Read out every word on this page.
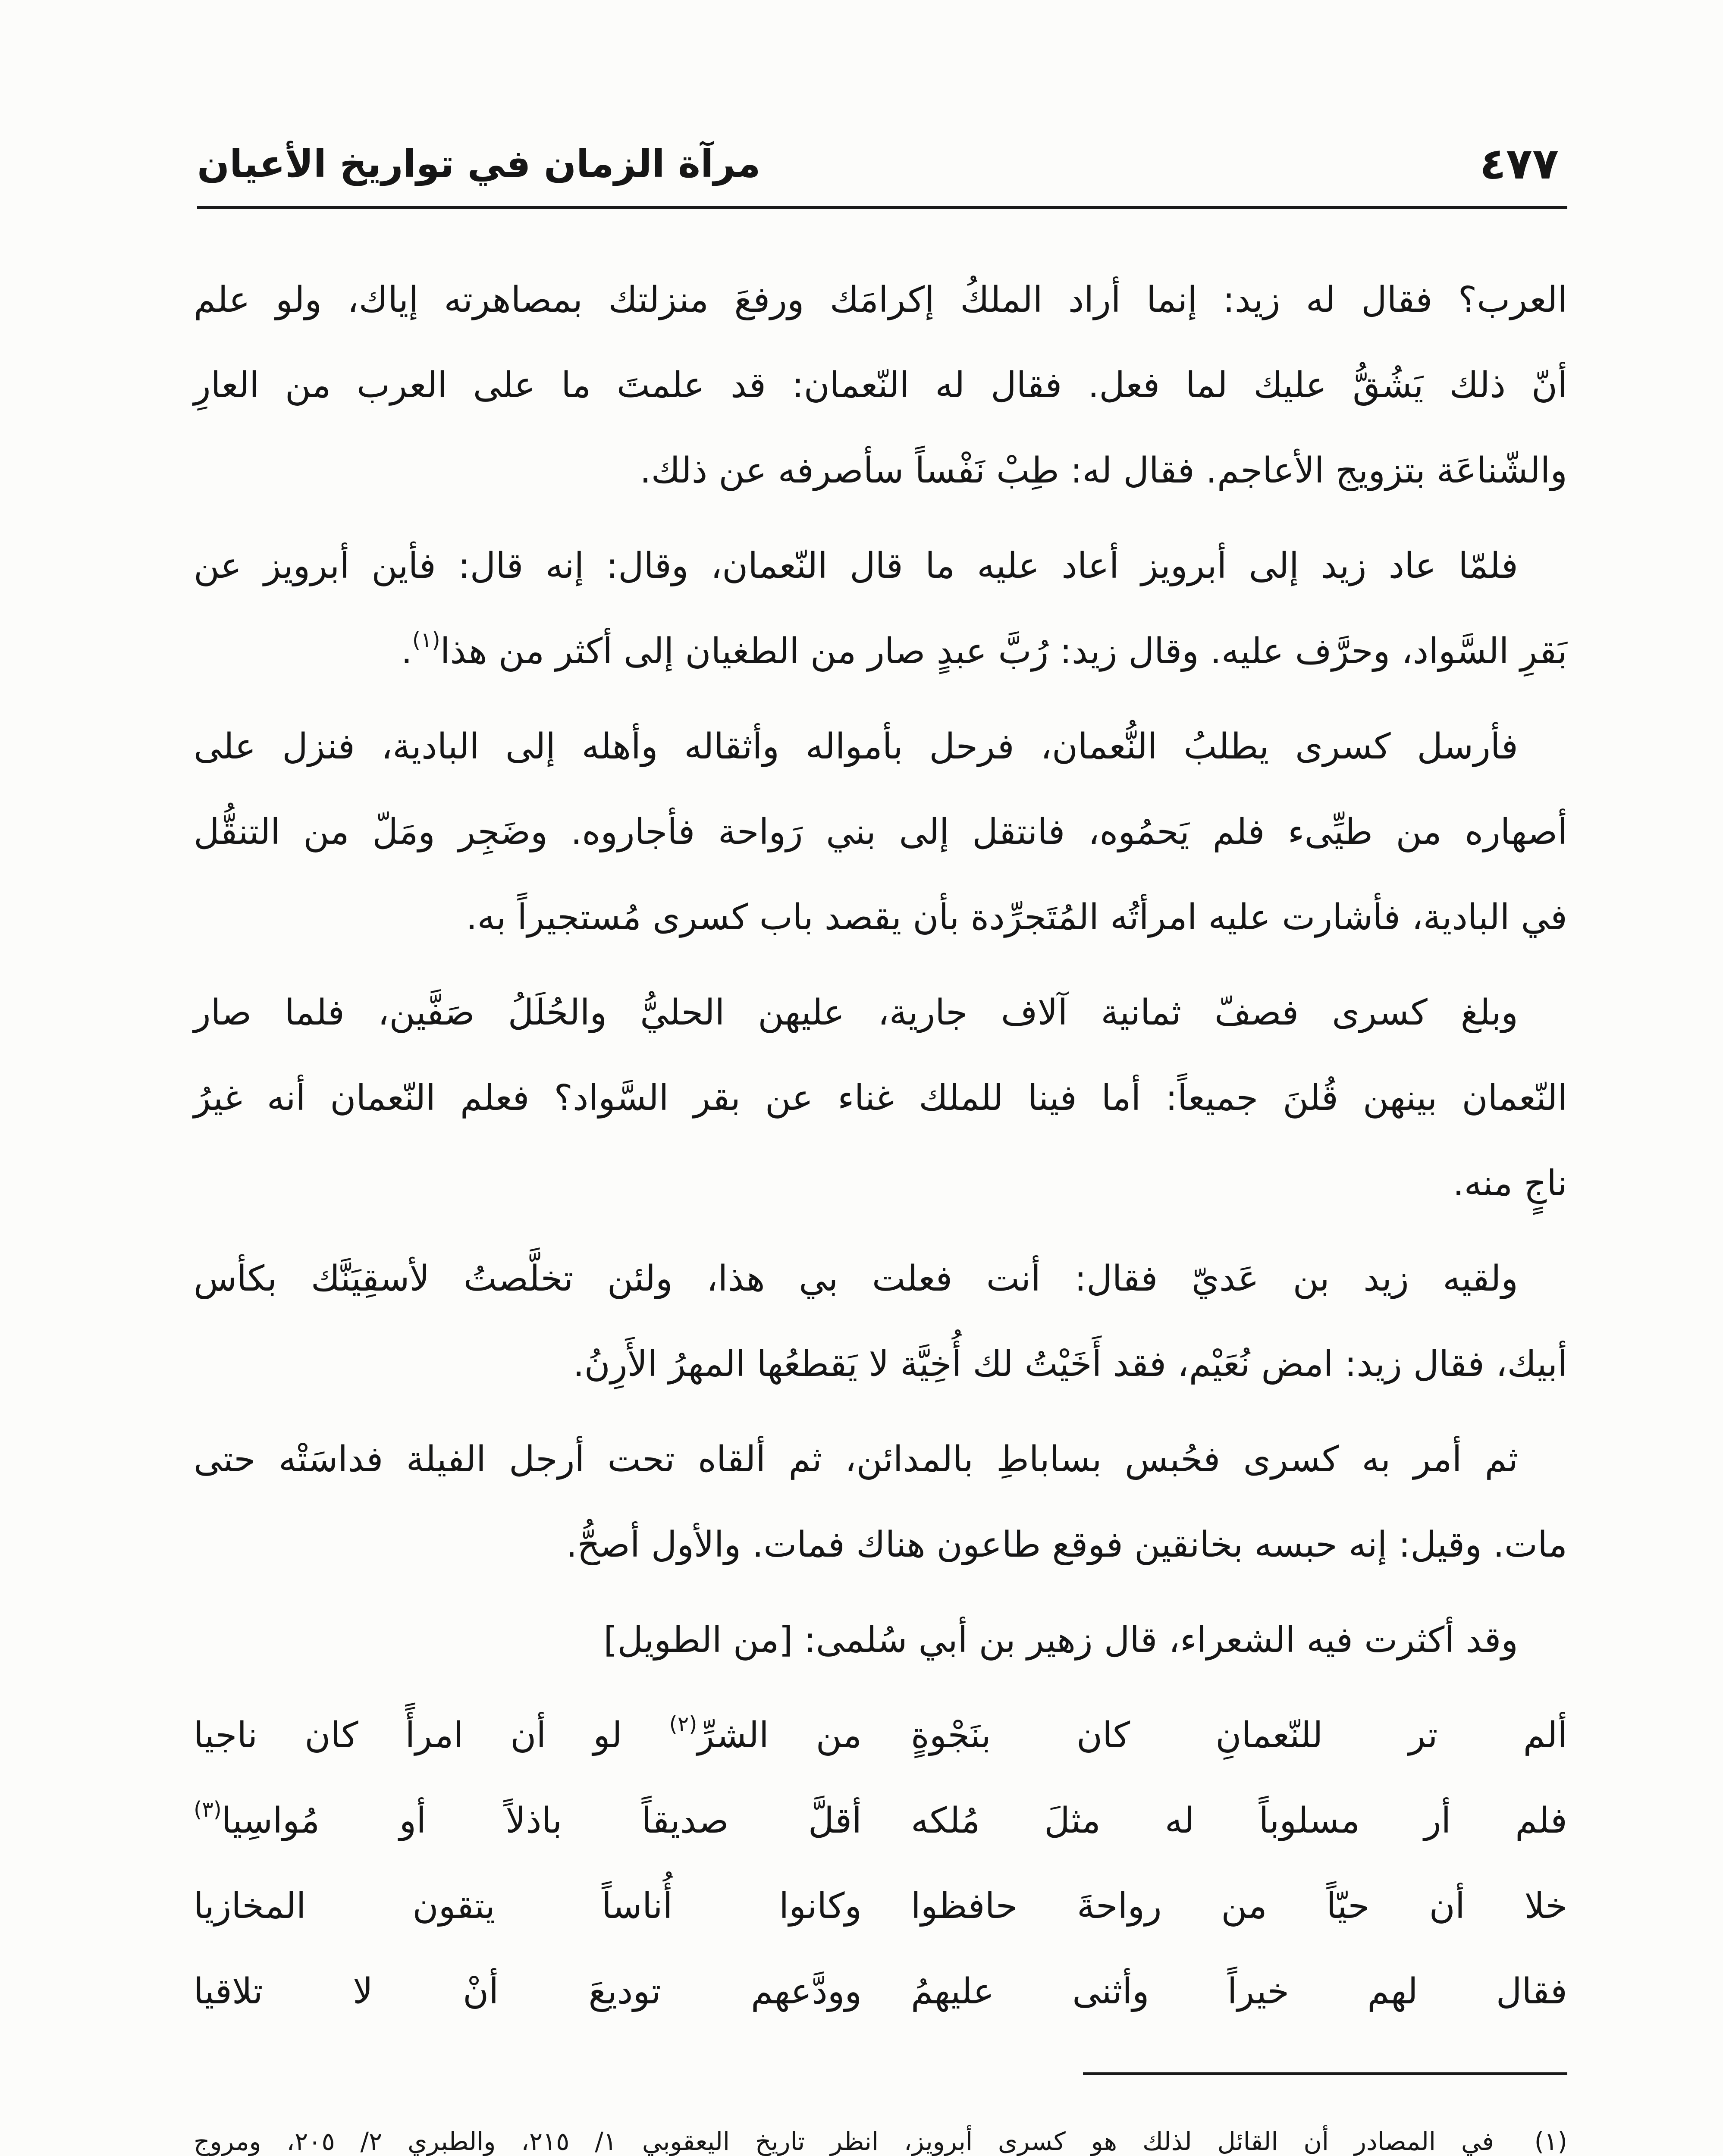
٤٧٧
مرآة الزمان في تواريخ الأعيان
العرب؟ فقال له زيد: إنما أراد الملكُ إكرامَك ورفعَ منزلتك بمصاهرته إياك، ولو علم
أنّ ذلك يَشُقُّ عليك لما فعل. فقال له النّعمان: قد علمتَ ما على العرب من العارِ
والشّناعَة بتزويج الأعاجم. فقال له: طِبْ نَفْساً سأصرفه عن ذلك.
فلمّا عاد زيد إلى أبرويز أعاد عليه ما قال النّعمان، وقال: إنه قال: فأين أبرويز عن
بَقرِ السَّواد، وحرَّف عليه. وقال زيد: رُبَّ عبدٍ صار من الطغيان إلى أكثر من هذا$^{(١)}$.
فأرسل كسرى يطلبُ النُّعمان، فرحل بأمواله وأثقاله وأهله إلى البادية، فنزل على
أصهاره من طيِّىء فلم يَحمُوه، فانتقل إلى بني رَواحة فأجاروه. وضَجِر ومَلّ من التنقُّل
في البادية، فأشارت عليه امرأتُه المُتَجرِّدة بأن يقصد باب كسرى مُستجيراً به.
وبلغ كسرى فصفّ ثمانية آلاف جارية، عليهن الحليُّ والحُلَلُ صَفَّين، فلما صار
النّعمان بينهن قُلنَ جميعاً: أما فينا للملك غناء عن بقر السَّواد؟ فعلم النّعمان أنه غيرُ
ناجٍ منه.
ولقيه زيد بن عَديّ فقال: أنت فعلت بي هذا، ولئن تخلَّصتُ لأسقِيَنَّك بكأس
أبيك، فقال زيد: امض نُعَيْم، فقد أَخَيْتُ لك أُخِيَّة لا يَقطعُها المهرُ الأَرِنُ.
ثم أمر به كسرى فحُبس بساباطِ بالمدائن، ثم ألقاه تحت أرجل الفيلة فداسَتْه حتى
مات. وقيل: إنه حبسه بخانقين فوقع طاعون هناك فمات. والأول أصحُّ.
وقد أكثرت فيه الشعراء، قال زهير بن أبي سُلمى: [من الطويل]
ألم تر للنّعمانِ كان بنَجْوةٍ
من الشرِّ$^{(٢)}$ لو أن امرأً كان ناجيا
فلم أر مسلوباً له مثلَ مُلكه
أقلَّ صديقاً باذلاً أو مُواسِيا$^{(٣)}$
خلا أن حيّاً من رواحةَ حافظوا
وكانوا أُناساً يتقون المخازيا
فقال لهم خيراً وأثنى عليهمُ
وودَّعهم توديعَ أنْ لا تلاقيا
(١)
في المصادر أن القائل لذلك هو كسرى أبرويز، انظر تاريخ اليعقوبي ١/ ٢١٥، والطبري ٢/ ٢٠٥، ومروج
